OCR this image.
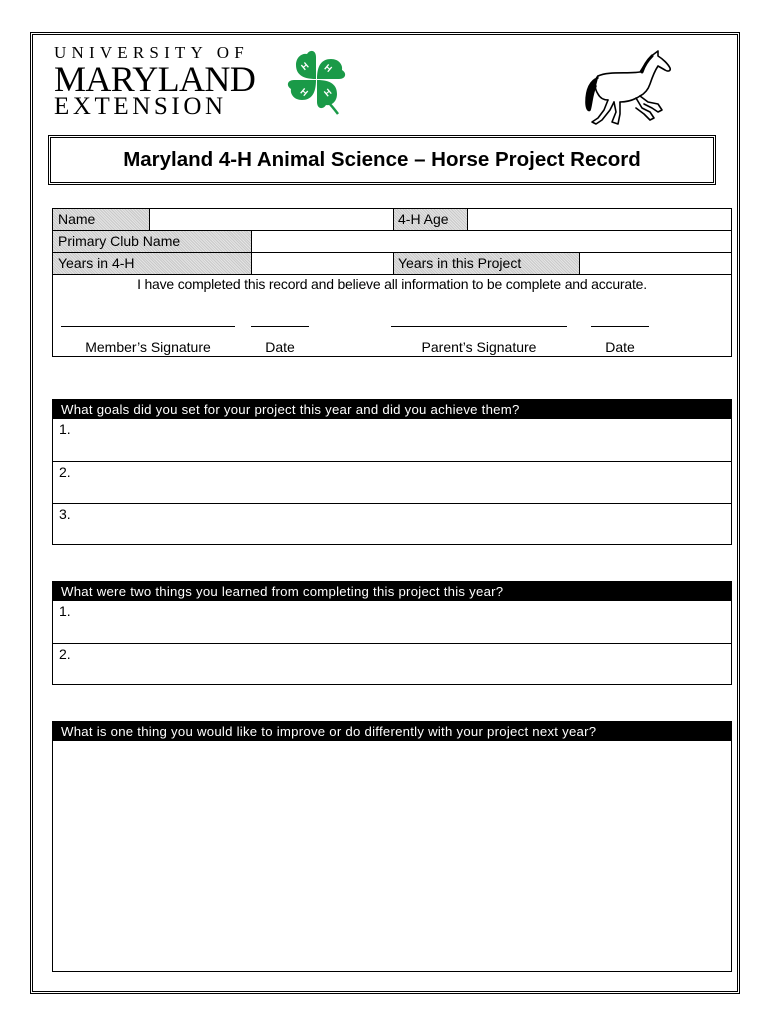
UNIVERSITY OF
MARYLAND
EXTENSION
H H
H
H
Maryland 4-H Animal Science – Horse Project Record
Name	4-H Age
Primary Club Name
Years in 4-H	Years in this Project
I have completed this record and believe all information to be complete and accurate.
Member’s Signature	Date	Parent’s Signature	Date
What goals did you set for your project this year and did you achieve them?
1.
2.
3.
What were two things you learned from completing this project this year?
1.
2.
What is one thing you would like to improve or do differently with your project next year?
